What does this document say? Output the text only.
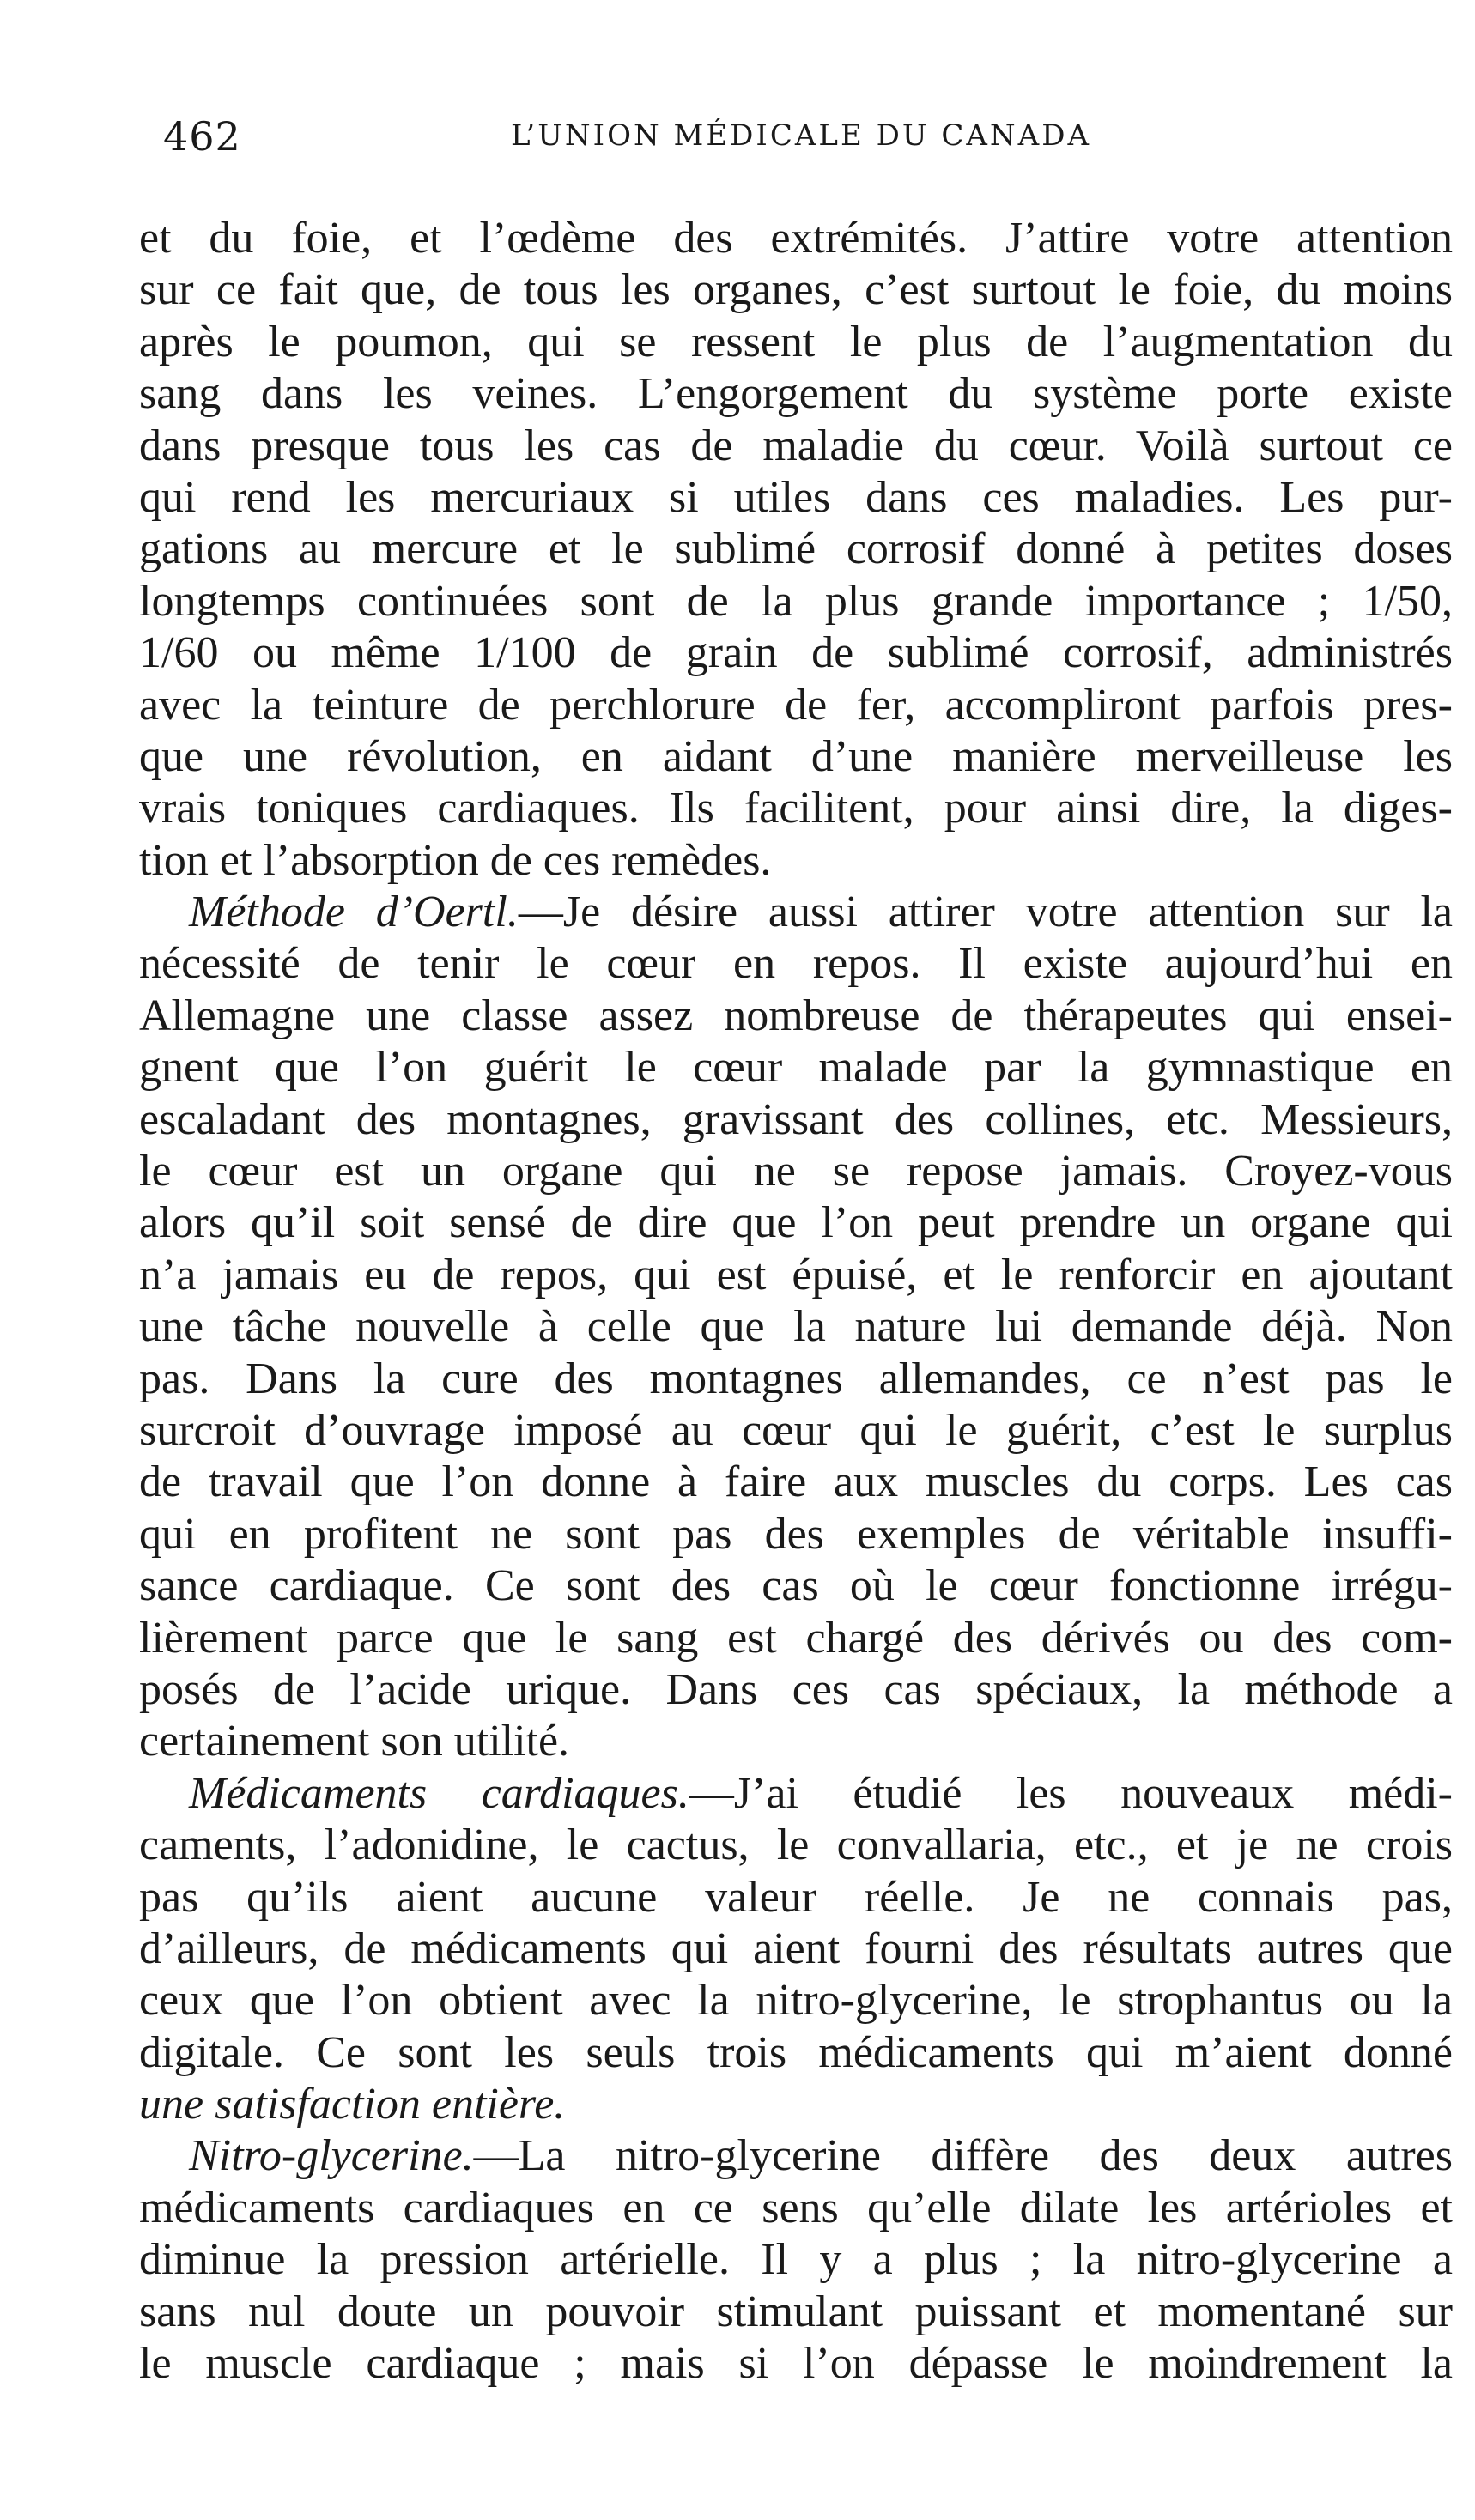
462	L’UNION MÉDICALE DU CANADA
et du foie, et l’œdème des extrémités. J’attire votre attention
sur ce fait que, de tous les organes, c’est surtout le foie, du moins
après le poumon, qui se ressent le plus de l’augmentation du
sang dans les veines. L’engorgement du système porte existe
dans presque tous les cas de maladie du cœur. Voilà surtout ce
qui rend les mercuriaux si utiles dans ces maladies. Les pur-
gations au mercure et le sublimé corrosif donné à petites doses
longtemps continuées sont de la plus grande importance ; 1/50,
1/60 ou même 1/100 de grain de sublimé corrosif, administrés
avec la teinture de perchlorure de fer, accompliront parfois pres-
que une révolution, en aidant d’une manière merveilleuse les
vrais toniques cardiaques. Ils facilitent, pour ainsi dire, la diges-
tion et l’absorption de ces remèdes.
Méthode d’Oertl.—Je désire aussi attirer votre attention sur la
nécessité de tenir le cœur en repos. Il existe aujourd’hui en
Allemagne une classe assez nombreuse de thérapeutes qui ensei-
gnent que l’on guérit le cœur malade par la gymnastique en
escaladant des montagnes, gravissant des collines, etc. Messieurs,
le cœur est un organe qui ne se repose jamais. Croyez-vous
alors qu’il soit sensé de dire que l’on peut prendre un organe qui
n’a jamais eu de repos, qui est épuisé, et le renforcir en ajoutant
une tâche nouvelle à celle que la nature lui demande déjà. Non
pas. Dans la cure des montagnes allemandes, ce n’est pas le
surcroit d’ouvrage imposé au cœur qui le guérit, c’est le surplus
de travail que l’on donne à faire aux muscles du corps. Les cas
qui en profitent ne sont pas des exemples de véritable insuffi-
sance cardiaque. Ce sont des cas où le cœur fonctionne irrégu-
lièrement parce que le sang est chargé des dérivés ou des com-
posés de l’acide urique. Dans ces cas spéciaux, la méthode a
certainement son utilité.
Médicaments cardiaques.—J’ai étudié les nouveaux médi-
caments, l’adonidine, le cactus, le convallaria, etc., et je ne crois
pas qu’ils aient aucune valeur réelle. Je ne connais pas,
d’ailleurs, de médicaments qui aient fourni des résultats autres que
ceux que l’on obtient avec la nitro-glycerine, le strophantus ou la
digitale. Ce sont les seuls trois médicaments qui m’aient donné
une satisfaction entière.
Nitro-glycerine.—La nitro-glycerine diffère des deux autres
médicaments cardiaques en ce sens qu’elle dilate les artérioles et
diminue la pression artérielle. Il y a plus ; la nitro-glycerine a
sans nul doute un pouvoir stimulant puissant et momentané sur
le muscle cardiaque ; mais si l’on dépasse le moindrement la
